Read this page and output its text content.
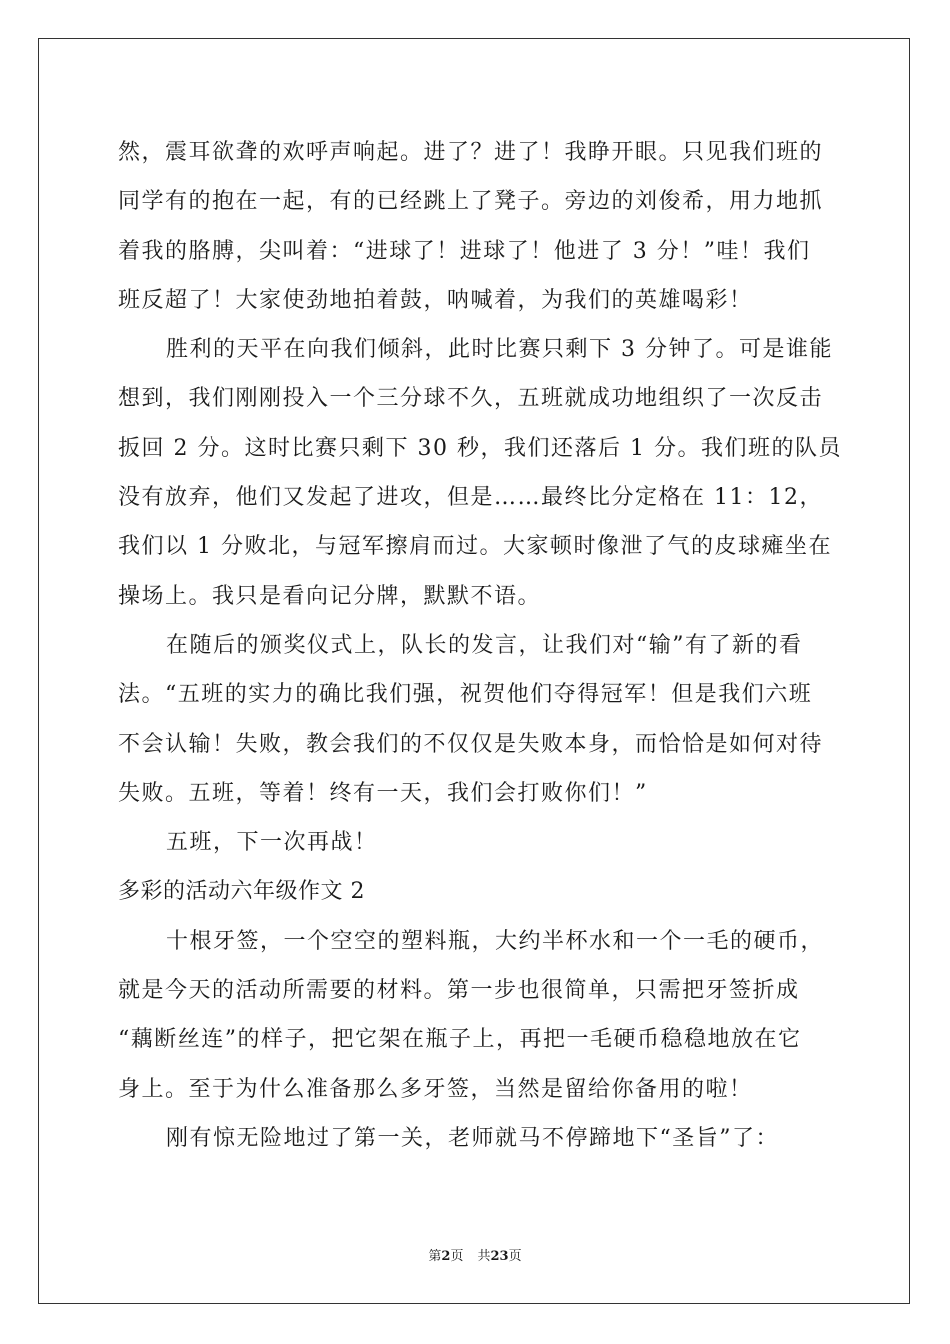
然，震耳欲聋的欢呼声响起。进了？进了！我睁开眼。只见我们班的
同学有的抱在一起，有的已经跳上了凳子。旁边的刘俊希，用力地抓
着我的胳膊，尖叫着：“进球了！进球了！他进了 3 分！”哇！我们
班反超了！大家使劲地拍着鼓，呐喊着，为我们的英雄喝彩！
胜利的天平在向我们倾斜，此时比赛只剩下 3 分钟了。可是谁能
想到，我们刚刚投入一个三分球不久，五班就成功地组织了一次反击
扳回 2 分。这时比赛只剩下 30 秒，我们还落后 1 分。我们班的队员
没有放弃，他们又发起了进攻，但是……最终比分定格在 11：12，
我们以 1 分败北，与冠军擦肩而过。大家顿时像泄了气的皮球瘫坐在
操场上。我只是看向记分牌，默默不语。
在随后的颁奖仪式上，队长的发言，让我们对“输”有了新的看
法。“五班的实力的确比我们强，祝贺他们夺得冠军！但是我们六班
不会认输！失败，教会我们的不仅仅是失败本身，而恰恰是如何对待
失败。五班，等着！终有一天，我们会打败你们！”
五班，下一次再战！
多彩的活动六年级作文 2
十根牙签，一个空空的塑料瓶，大约半杯水和一个一毛的硬币，
就是今天的活动所需要的材料。第一步也很简单，只需把牙签折成
“藕断丝连”的样子，把它架在瓶子上，再把一毛硬币稳稳地放在它
身上。至于为什么准备那么多牙签，当然是留给你备用的啦！
刚有惊无险地过了第一关，老师就马不停蹄地下“圣旨”了：
第2页 共23页
